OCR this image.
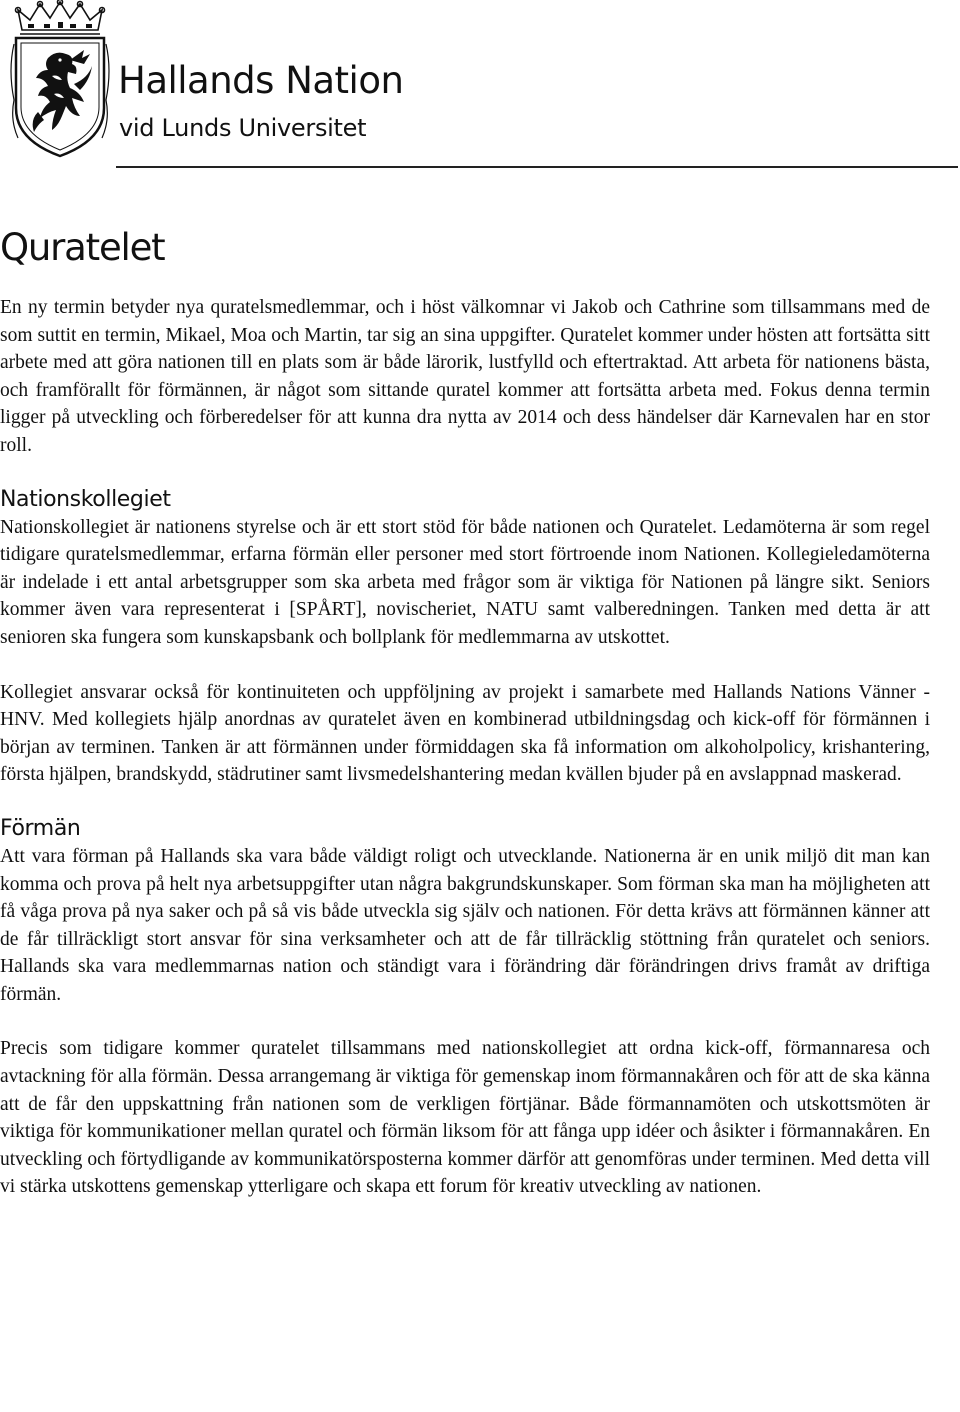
Hallands Nation
vid Lunds Universitet
Quratelet

En ny termin betyder nya quratelsmedlemmar, och i höst välkomnar vi Jakob och Cathrine som tillsammans med de som suttit en termin, Mikael, Moa och Martin, tar sig an sina uppgifter. Quratelet kommer under hösten att fortsätta sitt arbete med att göra nationen till en plats som är både lärorik, lustfylld och eftertraktad. Att arbeta för nationens bästa, och framförallt för förmännen, är något som sittande quratel kommer att fortsätta arbeta med. Fokus denna termin ligger på utveckling och förberedelser för att kunna dra nytta av 2014 och dess händelser där Karnevalen har en stor roll.

Nationskollegiet

Nationskollegiet är nationens styrelse och är ett stort stöd för både nationen och Quratelet. Ledamöterna är som regel tidigare quratelsmedlemmar, erfarna förmän eller personer med stort förtroende inom Nationen. Kollegieledamöterna är indelade i ett antal arbetsgrupper som ska arbeta med frågor som är viktiga för Nationen på längre sikt. Seniors kommer även vara representerat i [SPÅRT], novischeriet, NATU samt valberedningen. Tanken med detta är att senioren ska fungera som kunskapsbank och bollplank för medlemmarna av utskottet.

Kollegiet ansvarar också för kontinuiteten och uppföljning av projekt i samarbete med Hallands Nations Vänner - HNV. Med kollegiets hjälp anordnas av quratelet även en kombinerad utbildningsdag och kick-off för förmännen i början av terminen. Tanken är att förmännen under förmiddagen ska få information om alkoholpolicy, krishantering, första hjälpen, brandskydd, städrutiner samt livsmedelshantering medan kvällen bjuder på en avslappnad maskerad.

Förmän

Att vara förman på Hallands ska vara både väldigt roligt och utvecklande. Nationerna är en unik miljö dit man kan komma och prova på helt nya arbetsuppgifter utan några bakgrundskunskaper. Som förman ska man ha möjligheten att få våga prova på nya saker och på så vis både utveckla sig själv och nationen. För detta krävs att förmännen känner att de får tillräckligt stort ansvar för sina verksamheter och att de får tillräcklig stöttning från quratelet och seniors. Hallands ska vara medlemmarnas nation och ständigt vara i förändring där förändringen drivs framåt av driftiga förmän.

Precis som tidigare kommer quratelet tillsammans med nationskollegiet att ordna kick-off, förmannaresa och avtackning för alla förmän. Dessa arrangemang är viktiga för gemenskap inom förmannakåren och för att de ska känna att de får den uppskattning från nationen som de verkligen förtjänar. Både förmannamöten och utskottsmöten är viktiga för kommunikationer mellan quratel och förmän liksom för att fånga upp idéer och åsikter i förmannakåren. En utveckling och förtydligande av kommunikatörsposterna kommer därför att genomföras under terminen. Med detta vill vi stärka utskottens gemenskap ytterligare och skapa ett forum för kreativ utveckling av nationen.
